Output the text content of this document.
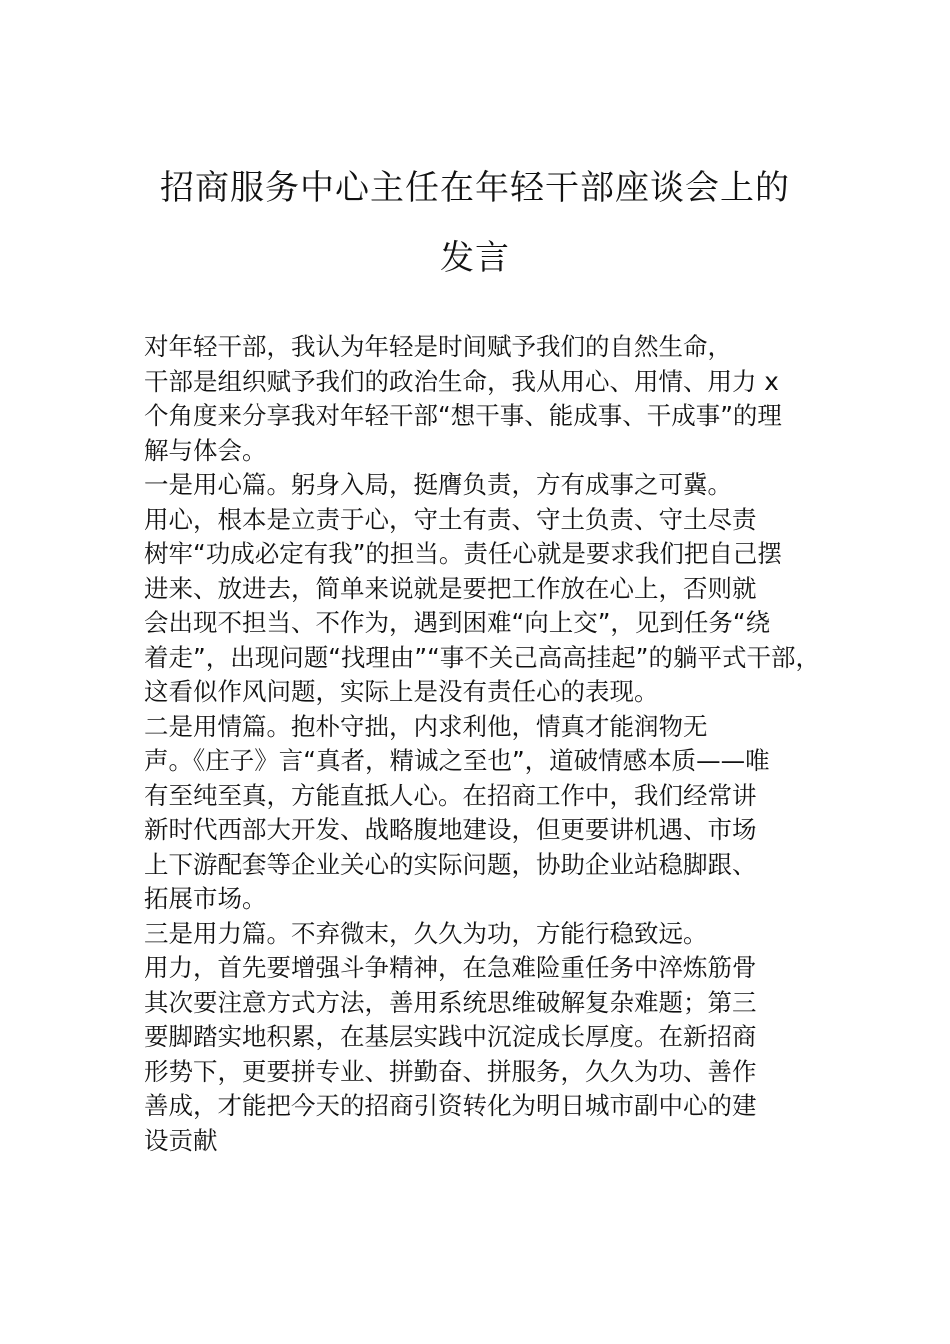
招商服务中心主任在年轻干部座谈会上的
发言
对年轻干部，我认为年轻是时间赋予我们的自然生命，
干部是组织赋予我们的政治生命，我从用心、用情、用力 x
个角度来分享我对年轻干部“想干事、能成事、干成事”的理
解与体会。
一是用心篇。躬身入局，挺膺负责，方有成事之可冀。
用心，根本是立责于心，守土有责、守土负责、守土尽责
树牢“功成必定有我”的担当。责任心就是要求我们把自己摆
进来、放进去，简单来说就是要把工作放在心上，否则就
会出现不担当、不作为，遇到困难“向上交”，见到任务“绕
着走”，出现问题“找理由”“事不关己高高挂起”的躺平式干部，
这看似作风问题，实际上是没有责任心的表现。
二是用情篇。抱朴守拙，内求利他，情真才能润物无
声。《庄子》言“真者，精诚之至也”，道破情感本质——唯
有至纯至真，方能直抵人心。在招商工作中，我们经常讲
新时代西部大开发、战略腹地建设，但更要讲机遇、市场
上下游配套等企业关心的实际问题，协助企业站稳脚跟、
拓展市场。
三是用力篇。不弃微末，久久为功，方能行稳致远。
用力，首先要增强斗争精神，在急难险重任务中淬炼筋骨
其次要注意方式方法，善用系统思维破解复杂难题；第三
要脚踏实地积累，在基层实践中沉淀成长厚度。在新招商
形势下，更要拼专业、拼勤奋、拼服务，久久为功、善作
善成，才能把今天的招商引资转化为明日城市副中心的建
设贡献
